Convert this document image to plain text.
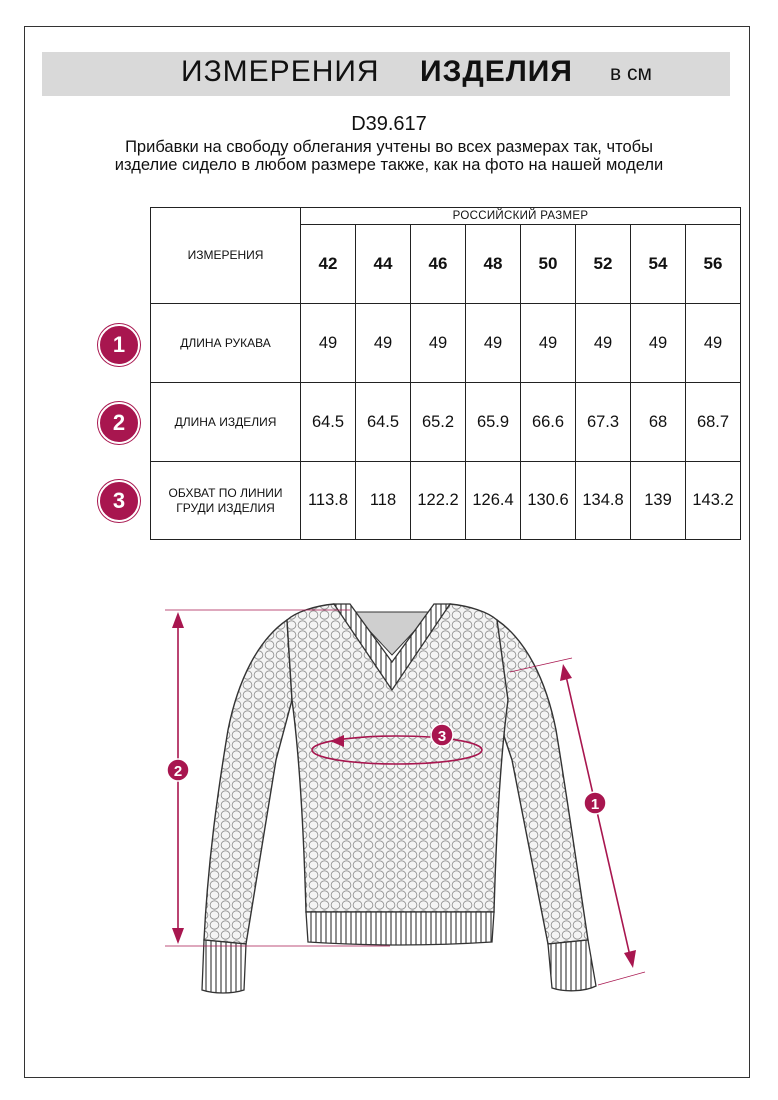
ИЗМЕРЕНИЯ ИЗДЕЛИЯ в см
D39.617
Прибавки на свободу облегания учтены во всех размерах так, чтобы изделие сидело в любом размере также, как на фото на нашей модели
ИЗМЕРЕНИЯ	РОССИЙСКИЙ РАЗМЕР							
	42	44	46	48	50	52	54	56
ДЛИНА РУКАВА	49	49	49	49	49	49	49	49
ДЛИНА ИЗДЕЛИЯ	64.5	64.5	65.2	65.9	66.6	67.3	68	68.7
ОБХВАТ ПО ЛИНИИ ГРУДИ ИЗДЕЛИЯ	113.8	118	122.2	126.4	130.6	134.8	139	143.2
1
2
3
2
1
3
